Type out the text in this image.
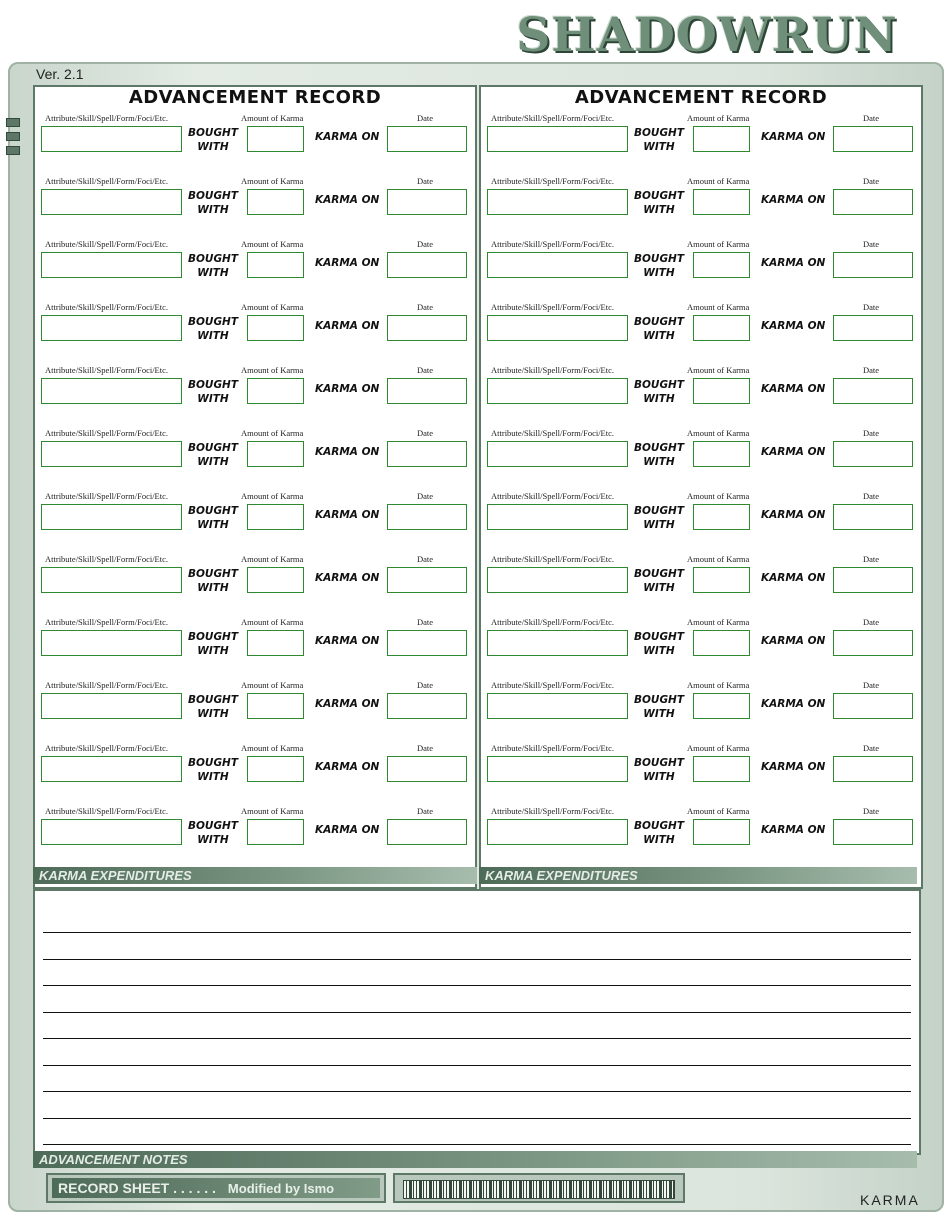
SHADOWRUN
Ver. 2.1
ADVANCEMENT RECORD
Attribute/Skill/Spell/Form/Foci/Etc.	Amount of Karma	Date
BOUGHT
WITH
KARMA ON
Attribute/Skill/Spell/Form/Foci/Etc.	Amount of Karma	Date
BOUGHT
WITH
KARMA ON
Attribute/Skill/Spell/Form/Foci/Etc.	Amount of Karma	Date
BOUGHT
WITH
KARMA ON
Attribute/Skill/Spell/Form/Foci/Etc.	Amount of Karma	Date
BOUGHT
WITH
KARMA ON
Attribute/Skill/Spell/Form/Foci/Etc.	Amount of Karma	Date
BOUGHT
WITH
KARMA ON
Attribute/Skill/Spell/Form/Foci/Etc.	Amount of Karma	Date
BOUGHT
WITH
KARMA ON
Attribute/Skill/Spell/Form/Foci/Etc.	Amount of Karma	Date
BOUGHT
WITH
KARMA ON
Attribute/Skill/Spell/Form/Foci/Etc.	Amount of Karma	Date
BOUGHT
WITH
KARMA ON
Attribute/Skill/Spell/Form/Foci/Etc.	Amount of Karma	Date
BOUGHT
WITH
KARMA ON
Attribute/Skill/Spell/Form/Foci/Etc.	Amount of Karma	Date
BOUGHT
WITH
KARMA ON
Attribute/Skill/Spell/Form/Foci/Etc.	Amount of Karma	Date
BOUGHT
WITH
KARMA ON
Attribute/Skill/Spell/Form/Foci/Etc.	Amount of Karma	Date
BOUGHT
WITH
KARMA ON
KARMA EXPENDITURES
ADVANCEMENT RECORD
Attribute/Skill/Spell/Form/Foci/Etc.	Amount of Karma	Date
BOUGHT
WITH
KARMA ON
Attribute/Skill/Spell/Form/Foci/Etc.	Amount of Karma	Date
BOUGHT
WITH
KARMA ON
Attribute/Skill/Spell/Form/Foci/Etc.	Amount of Karma	Date
BOUGHT
WITH
KARMA ON
Attribute/Skill/Spell/Form/Foci/Etc.	Amount of Karma	Date
BOUGHT
WITH
KARMA ON
Attribute/Skill/Spell/Form/Foci/Etc.	Amount of Karma	Date
BOUGHT
WITH
KARMA ON
Attribute/Skill/Spell/Form/Foci/Etc.	Amount of Karma	Date
BOUGHT
WITH
KARMA ON
Attribute/Skill/Spell/Form/Foci/Etc.	Amount of Karma	Date
BOUGHT
WITH
KARMA ON
Attribute/Skill/Spell/Form/Foci/Etc.	Amount of Karma	Date
BOUGHT
WITH
KARMA ON
Attribute/Skill/Spell/Form/Foci/Etc.	Amount of Karma	Date
BOUGHT
WITH
KARMA ON
Attribute/Skill/Spell/Form/Foci/Etc.	Amount of Karma	Date
BOUGHT
WITH
KARMA ON
Attribute/Skill/Spell/Form/Foci/Etc.	Amount of Karma	Date
BOUGHT
WITH
KARMA ON
Attribute/Skill/Spell/Form/Foci/Etc.	Amount of Karma	Date
BOUGHT
WITH
KARMA ON
KARMA EXPENDITURES
ADVANCEMENT NOTES
RECORD SHEET . . . . . . Modified by Ismo
KARMA
